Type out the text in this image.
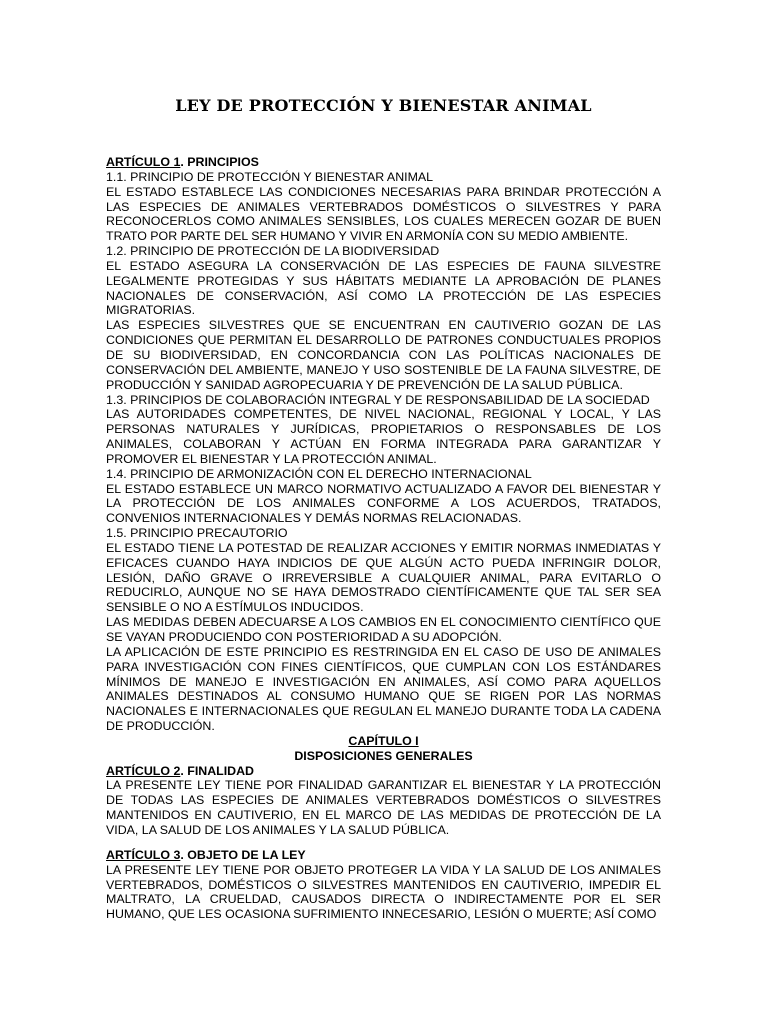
LEY DE PROTECCIÓN Y BIENESTAR ANIMAL

ARTÍCULO 1. PRINCIPIOS

1.1. PRINCIPIO DE PROTECCIÓN Y BIENESTAR ANIMAL

EL ESTADO ESTABLECE LAS CONDICIONES NECESARIAS PARA BRINDAR PROTECCIÓN A LAS ESPECIES DE ANIMALES VERTEBRADOS DOMÉSTICOS O SILVESTRES Y PARA RECONOCERLOS COMO ANIMALES SENSIBLES, LOS CUALES MERECEN GOZAR DE BUEN TRATO POR PARTE DEL SER HUMANO Y VIVIR EN ARMONÍA CON SU MEDIO AMBIENTE.

1.2. PRINCIPIO DE PROTECCIÓN DE LA BIODIVERSIDAD

EL ESTADO ASEGURA LA CONSERVACIÓN DE LAS ESPECIES DE FAUNA SILVESTRE LEGALMENTE PROTEGIDAS Y SUS HÁBITATS MEDIANTE LA APROBACIÓN DE PLANES NACIONALES DE CONSERVACIÓN, ASÍ COMO LA PROTECCIÓN DE LAS ESPECIES MIGRATORIAS.

LAS ESPECIES SILVESTRES QUE SE ENCUENTRAN EN CAUTIVERIO GOZAN DE LAS CONDICIONES QUE PERMITAN EL DESARROLLO DE PATRONES CONDUCTUALES PROPIOS DE SU BIODIVERSIDAD, EN CONCORDANCIA CON LAS POLÍTICAS NACIONALES DE CONSERVACIÓN DEL AMBIENTE, MANEJO Y USO SOSTENIBLE DE LA FAUNA SILVESTRE, DE PRODUCCIÓN Y SANIDAD AGROPECUARIA Y DE PREVENCIÓN DE LA SALUD PÚBLICA.

1.3. PRINCIPIOS DE COLABORACIÓN INTEGRAL Y DE RESPONSABILIDAD DE LA SOCIEDAD

LAS AUTORIDADES COMPETENTES, DE NIVEL NACIONAL, REGIONAL Y LOCAL, Y LAS PERSONAS NATURALES Y JURÍDICAS, PROPIETARIOS O RESPONSABLES DE LOS ANIMALES, COLABORAN Y ACTÚAN EN FORMA INTEGRADA PARA GARANTIZAR Y PROMOVER EL BIENESTAR Y LA PROTECCIÓN ANIMAL.

1.4. PRINCIPIO DE ARMONIZACIÓN CON EL DERECHO INTERNACIONAL

EL ESTADO ESTABLECE UN MARCO NORMATIVO ACTUALIZADO A FAVOR DEL BIENESTAR Y LA PROTECCIÓN DE LOS ANIMALES CONFORME A LOS ACUERDOS, TRATADOS, CONVENIOS INTERNACIONALES Y DEMÁS NORMAS RELACIONADAS.

1.5. PRINCIPIO PRECAUTORIO

EL ESTADO TIENE LA POTESTAD DE REALIZAR ACCIONES Y EMITIR NORMAS INMEDIATAS Y EFICACES CUANDO HAYA INDICIOS DE QUE ALGÚN ACTO PUEDA INFRINGIR DOLOR, LESIÓN, DAÑO GRAVE O IRREVERSIBLE A CUALQUIER ANIMAL, PARA EVITARLO O REDUCIRLO, AUNQUE NO SE HAYA DEMOSTRADO CIENTÍFICAMENTE QUE TAL SER SEA SENSIBLE O NO A ESTÍMULOS INDUCIDOS.

LAS MEDIDAS DEBEN ADECUARSE A LOS CAMBIOS EN EL CONOCIMIENTO CIENTÍFICO QUE SE VAYAN PRODUCIENDO CON POSTERIORIDAD A SU ADOPCIÓN.

LA APLICACIÓN DE ESTE PRINCIPIO ES RESTRINGIDA EN EL CASO DE USO DE ANIMALES PARA INVESTIGACIÓN CON FINES CIENTÍFICOS, QUE CUMPLAN CON LOS ESTÁNDARES MÍNIMOS DE MANEJO E INVESTIGACIÓN EN ANIMALES, ASÍ COMO PARA AQUELLOS ANIMALES DESTINADOS AL CONSUMO HUMANO QUE SE RIGEN POR LAS NORMAS NACIONALES E INTERNACIONALES QUE REGULAN EL MANEJO DURANTE TODA LA CADENA DE PRODUCCIÓN.

CAPÍTULO I

DISPOSICIONES GENERALES

ARTÍCULO 2. FINALIDAD

LA PRESENTE LEY TIENE POR FINALIDAD GARANTIZAR EL BIENESTAR Y LA PROTECCIÓN DE TODAS LAS ESPECIES DE ANIMALES VERTEBRADOS DOMÉSTICOS O SILVESTRES MANTENIDOS EN CAUTIVERIO, EN EL MARCO DE LAS MEDIDAS DE PROTECCIÓN DE LA VIDA, LA SALUD DE LOS ANIMALES Y LA SALUD PÚBLICA.

ARTÍCULO 3. OBJETO DE LA LEY

LA PRESENTE LEY TIENE POR OBJETO PROTEGER LA VIDA Y LA SALUD DE LOS ANIMALES VERTEBRADOS, DOMÉSTICOS O SILVESTRES MANTENIDOS EN CAUTIVERIO, IMPEDIR EL MALTRATO, LA CRUELDAD, CAUSADOS DIRECTA O INDIRECTAMENTE POR EL SER HUMANO, QUE LES OCASIONA SUFRIMIENTO INNECESARIO, LESIÓN O MUERTE; ASÍ COMO
